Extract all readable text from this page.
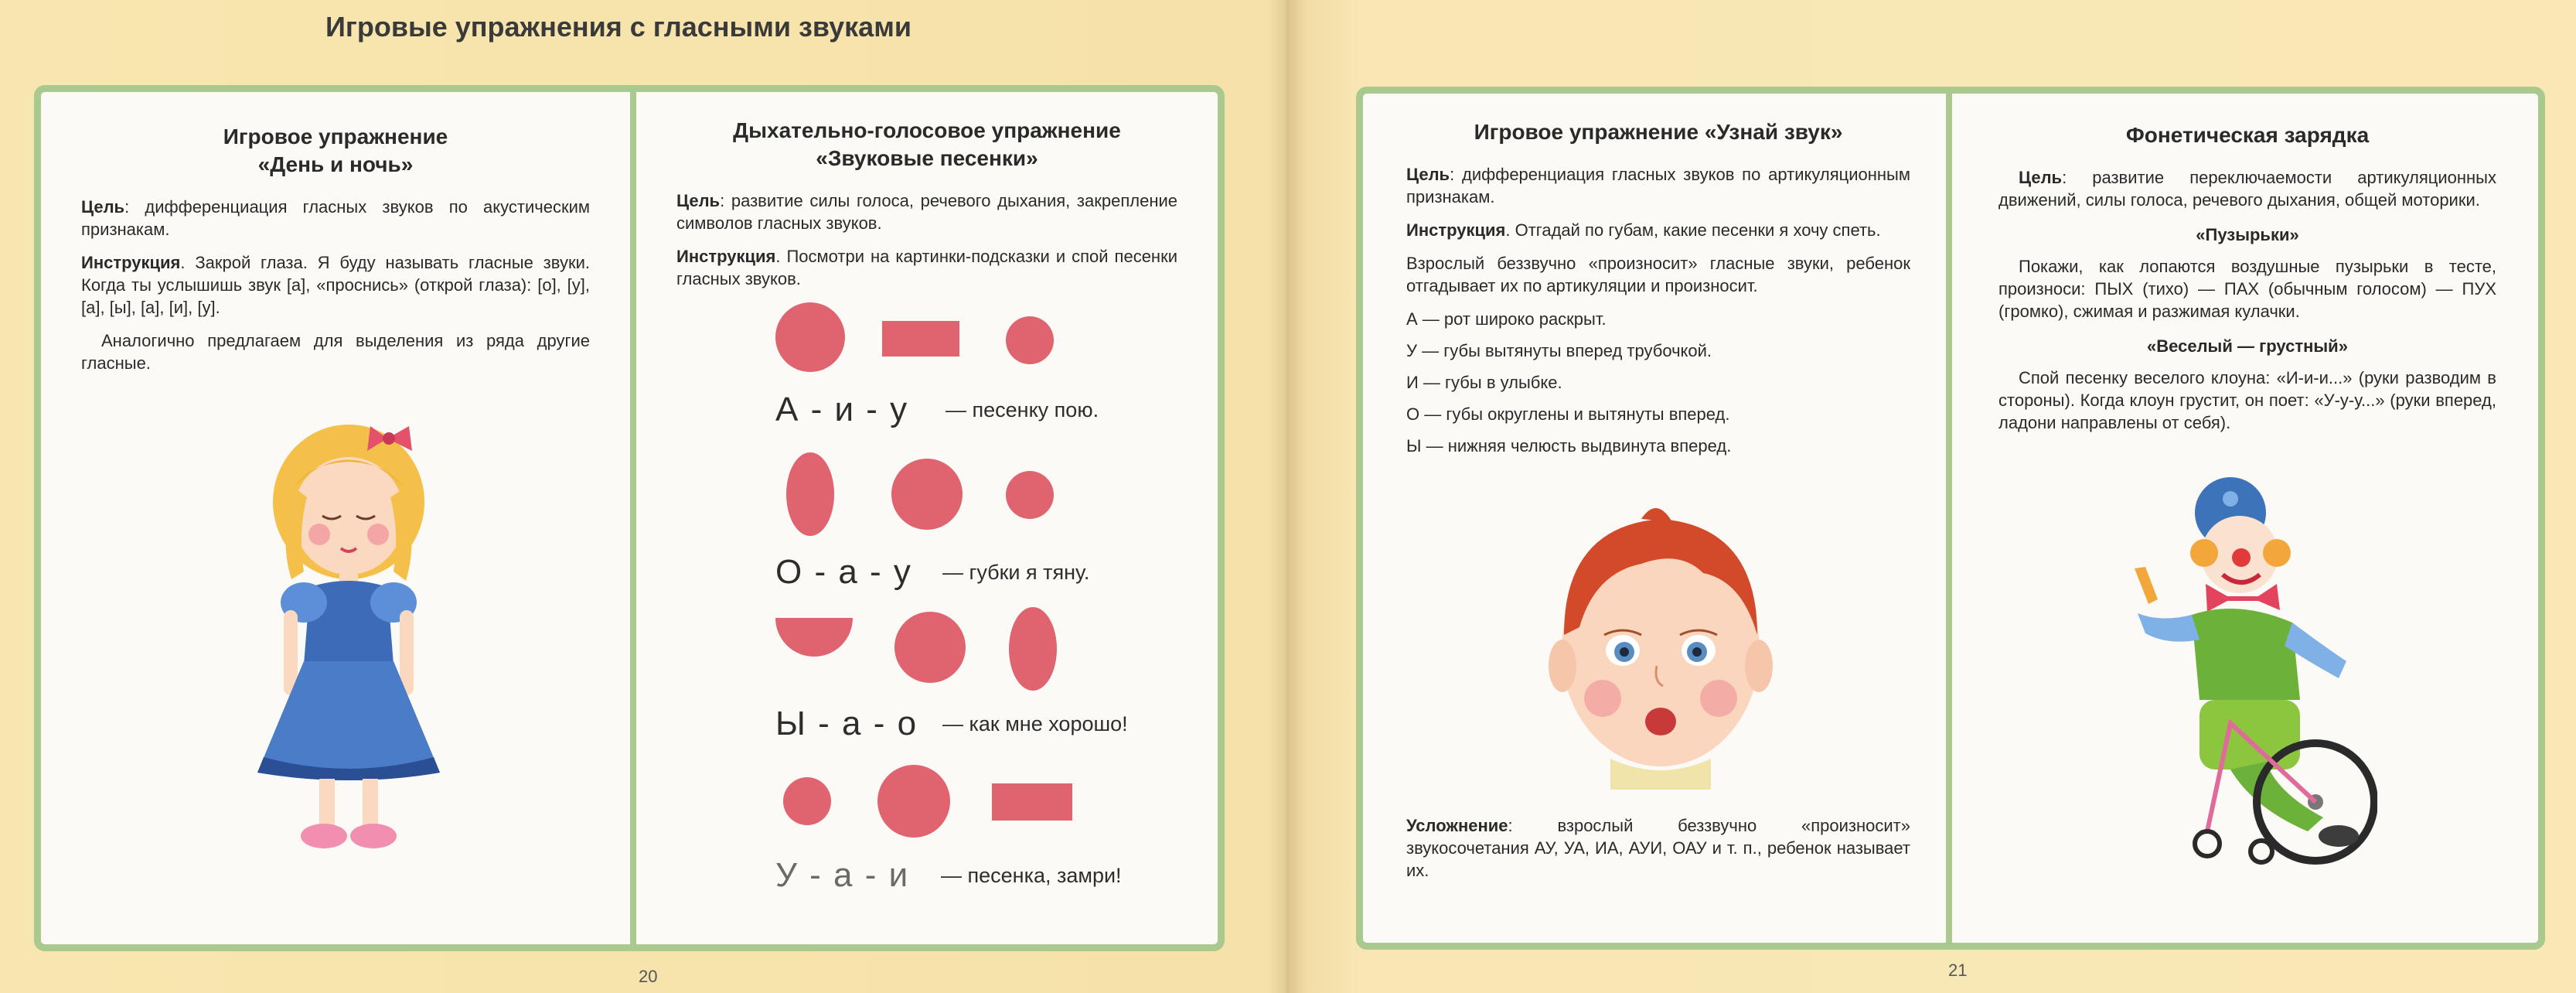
Игровые упражнения с гласными звуками
Игровое упражнение
«День и ночь»

Цель: дифференциация гласных звуков по акустическим признакам.

Инструкция. Закрой глаза. Я буду называть гласные звуки. Когда ты услышишь звук [а], «проснись» (открой глаза): [о], [у], [а], [ы], [а], [и], [у].

Аналогично предлагаем для выделения из ряда другие гласные.

Дыхательно-голосовое упражнение
«Звуковые песенки»

Цель: развитие силы голоса, речевого дыхания, закрепление символов гласных звуков.

Инструкция. Посмотри на картинки-подсказки и спой песенки гласных звуков.

А - и - у — песенку пою.
О - а - у — губки я тяну.
Ы - а - о — как мне хорошо!
У - а - и — песенка, замри!
20
Игровое упражнение «Узнай звук»

Цель: дифференциация гласных звуков по артикуляционным признакам.

Инструкция. Отгадай по губам, какие песенки я хочу спеть.

Взрослый беззвучно «произносит» гласные звуки, ребенок отгадывает их по артикуляции и произносит.

А — рот широко раскрыт.

У — губы вытянуты вперед трубочкой.

И — губы в улыбке.

О — губы округлены и вытянуты вперед.

Ы — нижняя челюсть выдвинута вперед.

Усложнение: взрослый беззвучно «произносит» звукосочетания АУ, УА, ИА, АУИ, ОАУ и т. п., ребенок называет их.

Фонетическая зарядка

Цель: развитие переключаемости артикуляционных движений, силы голоса, речевого дыхания, общей моторики.

«Пузырьки»

Покажи, как лопаются воздушные пузырьки в тесте, произноси: ПЫХ (тихо) — ПАХ (обычным голосом) — ПУХ (громко), сжимая и разжимая кулачки.

«Веселый — грустный»

Спой песенку веселого клоуна: «И-и-и...» (руки разводим в стороны). Когда клоун грустит, он поет: «У-у-у...» (руки вперед, ладони направлены от себя).

21
